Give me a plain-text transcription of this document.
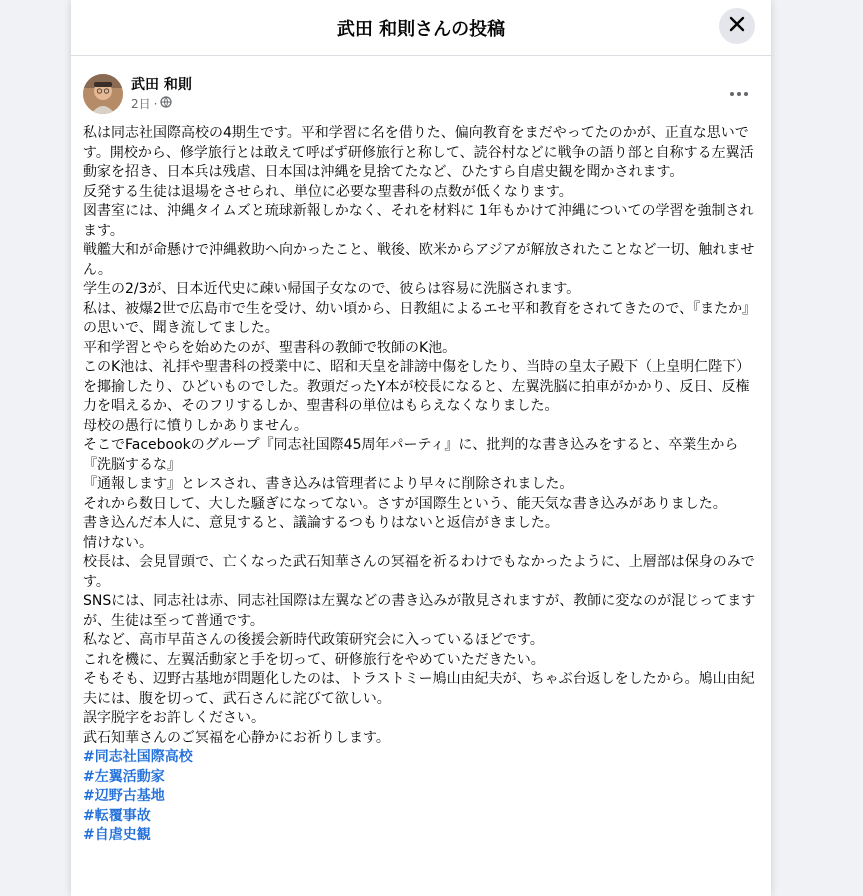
武田 和則さんの投稿
武田 和則
2日 ·

私は同志社国際高校の4期生です。平和学習に名を借りた、偏向教育をまだやってたのかが、正直な思いです。開校から、修学旅行とは敢えて呼ばず研修旅行と称して、読谷村などに戦争の語り部と自称する左翼活動家を招き、日本兵は残虐、日本国は沖縄を見捨てたなど、ひたすら自虐史観を聞かされます。

反発する生徒は退場をさせられ、単位に必要な聖書科の点数が低くなります。

図書室には、沖縄タイムズと琉球新報しかなく、それを材料に 1年もかけて沖縄についての学習を強制されます。

戦艦大和が命懸けで沖縄救助へ向かったこと、戦後、欧米からアジアが解放されたことなど一切、触れません。

学生の2/3が、日本近代史に疎い帰国子女なので、彼らは容易に洗脳されます。

私は、被爆2世で広島市で生を受け、幼い頃から、日教組によるエセ平和教育をされてきたので、『またか』の思いで、聞き流してました。

平和学習とやらを始めたのが、聖書科の教師で牧師のK池。

このK池は、礼拝や聖書科の授業中に、昭和天皇を誹謗中傷をしたり、当時の皇太子殿下（上皇明仁陛下）を揶揄したり、ひどいものでした。教頭だったY本が校長になると、左翼洗脳に拍車がかかり、反日、反権力を唱えるか、そのフリするしか、聖書科の単位はもらえなくなりました。

母校の愚行に憤りしかありません。

そこでFacebookのグループ『同志社国際45周年パーティ』に、批判的な書き込みをすると、卒業生から『洗脳するな』

『通報します』とレスされ、書き込みは管理者により早々に削除されました。

それから数日して、大した騒ぎになってない。さすが国際生という、能天気な書き込みがありました。

書き込んだ本人に、意見すると、議論するつもりはないと返信がきました。

情けない。

校長は、会見冒頭で、亡くなった武石知華さんの冥福を祈るわけでもなかったように、上層部は保身のみです。

SNSには、同志社は赤、同志社国際は左翼などの書き込みが散見されますが、教師に変なのが混じってますが、生徒は至って普通です。

私など、高市早苗さんの後援会新時代政策研究会に入っているほどです。

これを機に、左翼活動家と手を切って、研修旅行をやめていただきたい。

そもそも、辺野古基地が問題化したのは、トラストミー鳩山由紀夫が、ちゃぶ台返しをしたから。鳩山由紀夫には、腹を切って、武石さんに詫びて欲しい。

誤字脱字をお許しください。

武石知華さんのご冥福を心静かにお祈りします。

#同志社国際高校
#左翼活動家
#辺野古基地
#転覆事故
#自虐史観
